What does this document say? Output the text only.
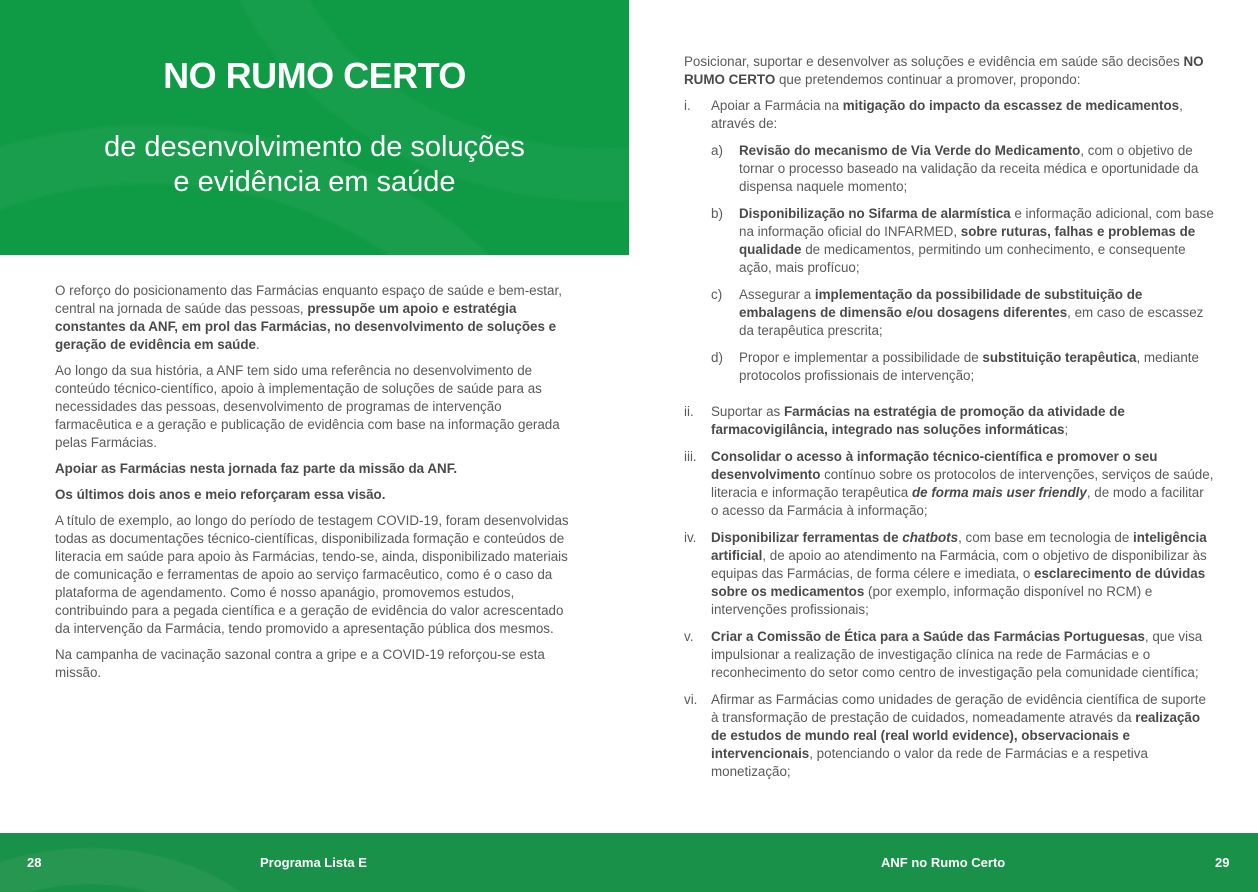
NO RUMO CERTO
de desenvolvimento de soluções
e evidência em saúde

O reforço do posicionamento das Farmácias enquanto espaço de saúde e bem-estar, central na jornada de saúde das pessoas, pressupõe um apoio e estratégia constantes da ANF, em prol das Farmácias, no desenvolvimento de soluções e geração de evidência em saúde.

Ao longo da sua história, a ANF tem sido uma referência no desenvolvimento de conteúdo técnico-científico, apoio à implementação de soluções de saúde para as necessidades das pessoas, desenvolvimento de programas de intervenção farmacêutica e a geração e publicação de evidência com base na informação gerada pelas Farmácias.

Apoiar as Farmácias nesta jornada faz parte da missão da ANF.

Os últimos dois anos e meio reforçaram essa visão.

A título de exemplo, ao longo do período de testagem COVID-19, foram desenvolvidas todas as documentações técnico-científicas, disponibilizada formação e conteúdos de literacia em saúde para apoio às Farmácias, tendo-se, ainda, disponibilizado materiais de comunicação e ferramentas de apoio ao serviço farmacêutico, como é o caso da plataforma de agendamento. Como é nosso apanágio, promovemos estudos, contribuindo para a pegada científica e a geração de evidência do valor acrescentado da intervenção da Farmácia, tendo promovido a apresentação pública dos mesmos.

Na campanha de vacinação sazonal contra a gripe e a COVID-19 reforçou-se esta missão.

Posicionar, suportar e desenvolver as soluções e evidência em saúde são decisões NO RUMO CERTO que pretendemos continuar a promover, propondo:

i.	Apoiar a Farmácia na mitigação do impacto da escassez de medicamentos, através de:
a)	Revisão do mecanismo de Via Verde do Medicamento, com o objetivo de tornar o processo baseado na validação da receita médica e oportunidade da dispensa naquele momento;
b)	Disponibilização no Sifarma de alarmística e informação adicional, com base na informação oficial do INFARMED, sobre ruturas, falhas e problemas de qualidade de medicamentos, permitindo um conhecimento, e consequente ação, mais profícuo;
c)	Assegurar a implementação da possibilidade de substituição de embalagens de dimensão e/ou dosagens diferentes, em caso de escassez da terapêutica prescrita;
d)	Propor e implementar a possibilidade de substituição terapêutica, mediante protocolos profissionais de intervenção;
ii.	Suportar as Farmácias na estratégia de promoção da atividade de farmacovigilância, integrado nas soluções informáticas;
iii.	Consolidar o acesso à informação técnico-científica e promover o seu desenvolvimento contínuo sobre os protocolos de intervenções, serviços de saúde, literacia e informação terapêutica de forma mais user friendly, de modo a facilitar o acesso da Farmácia à informação;
iv.	Disponibilizar ferramentas de chatbots, com base em tecnologia de inteligência artificial, de apoio ao atendimento na Farmácia, com o objetivo de disponibilizar às equipas das Farmácias, de forma célere e imediata, o esclarecimento de dúvidas sobre os medicamentos (por exemplo, informação disponível no RCM) e intervenções profissionais;
v.	Criar a Comissão de Ética para a Saúde das Farmácias Portuguesas, que visa impulsionar a realização de investigação clínica na rede de Farmácias e o reconhecimento do setor como centro de investigação pela comunidade científica;
vi.	Afirmar as Farmácias como unidades de geração de evidência científica de suporte à transformação de prestação de cuidados, nomeadamente através da realização de estudos de mundo real (real world evidence), observacionais e intervencionais, potenciando o valor da rede de Farmácias e a respetiva monetização;
28	Programa Lista E	ANF no Rumo Certo	29
